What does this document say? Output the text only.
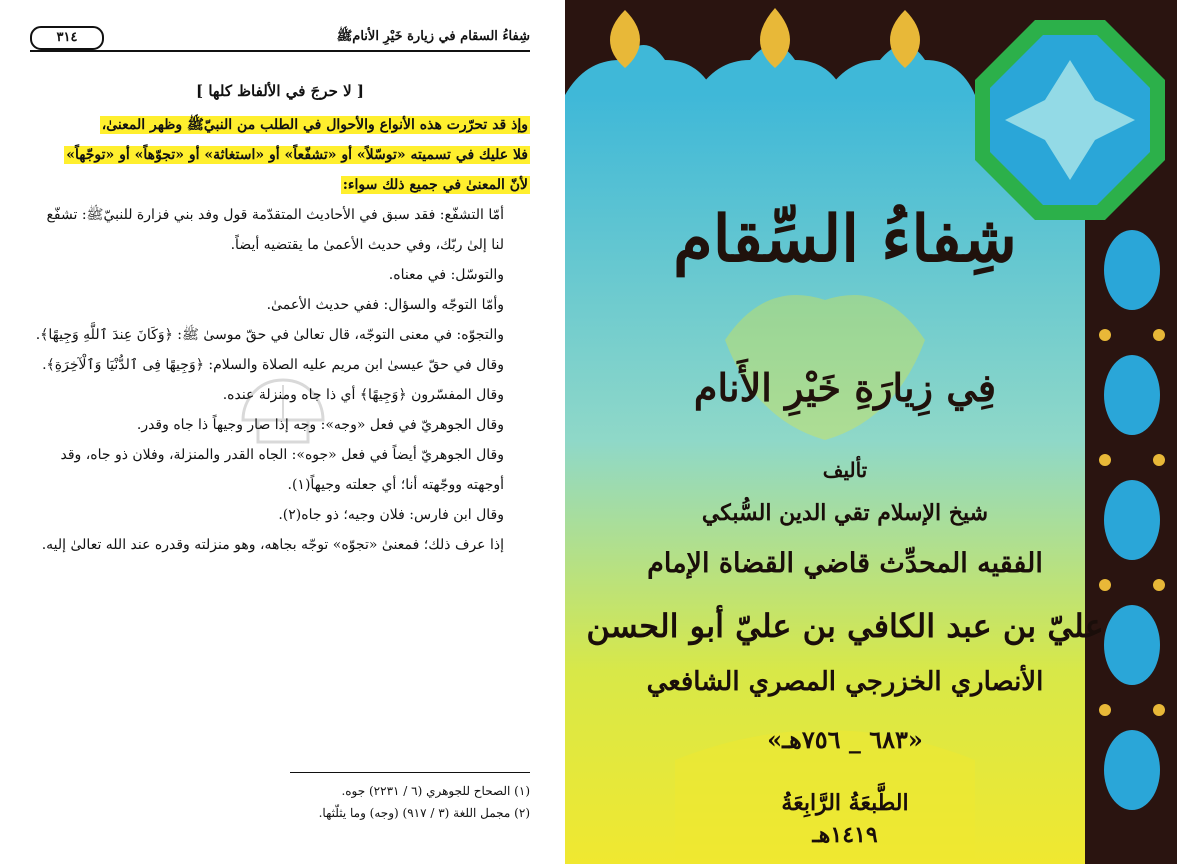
شِفاءُ السقام في زيارة خَيْرِ الأنامﷺ
٣١٤
[ لا حرجَ في الألفاظ كلها ]

وإذ قد تحرّرت هذه الأنواع والأحوال في الطلب من النبيّﷺ وظهر المعنىٰ،

فلا عليك في تسميته «توسّلاً» أو «تشفّعاً» أو «استغاثة» أو «تجوّهاً» أو «توجّهاً»

لأنّ المعنىٰ في جميع ذلك سواء:

أمّا التشفّع: فقد سبق في الأحاديث المتقدّمة قول وفد بني فزارة للنبيّﷺ: تشفّع لنا إلىٰ ربّك، وفي حديث الأعمىٰ ما يقتضيه أيضاً.

والتوسّل: في معناه.

وأمّا التوجّه والسؤال: ففي حديث الأعمىٰ.

والتجوّه: في معنى التوجّه، قال تعالىٰ في حقّ موسىٰ ﷺ: ﴿وَكَانَ عِندَ ٱللَّهِ وَجِيهًا﴾.

وقال في حقّ عيسىٰ ابن مريم عليه الصلاة والسلام: ﴿وَجِيهًا فِى ٱلدُّنْيَا وَٱلْآخِرَةِ﴾.

وقال المفسّرون ﴿وَجِيهًا﴾ أي ذا جاه ومنزلة عنده.

وقال الجوهريّ في فعل «وجه»: وجه إذا صار وجيهاً ذا جاه وقدر.

وقال الجوهريّ أيضاً في فعل «جوه»: الجاه القدر والمنزلة، وفلان ذو جاه، وقد أوجهته ووجّهته أنا؛ أي جعلته وجيهاً(١).

وقال ابن فارس: فلان وجيه؛ ذو جاه(٢).

إذا عرف ذلك؛ فمعنىٰ «تجوّه» توجّه بجاهه، وهو منزلته وقدره عند الله تعالىٰ إليه.

(١) الصحاح للجوهري (٦ / ٢٢٣١) جوه.
(٢) مجمل اللغة (٣ / ٩١٧) (وجه) وما يثلّثها.
شِفاءُ السِّقام
فِي زِيارَةِ خَيْرِ الأَنام
تأليف
شيخ الإسلام تقي الدين السُّبكي
الفقيه المحدِّث قاضي القضاة الإمام
عليّ بن عبد الكافي بن عليّ أبو الحسن
الأنصاري الخزرجي المصري الشافعي
«٦٨٣ _ ٧٥٦هـ»
الطَّبعَةُ الرَّابِعَةُ
١٤١٩هـ
